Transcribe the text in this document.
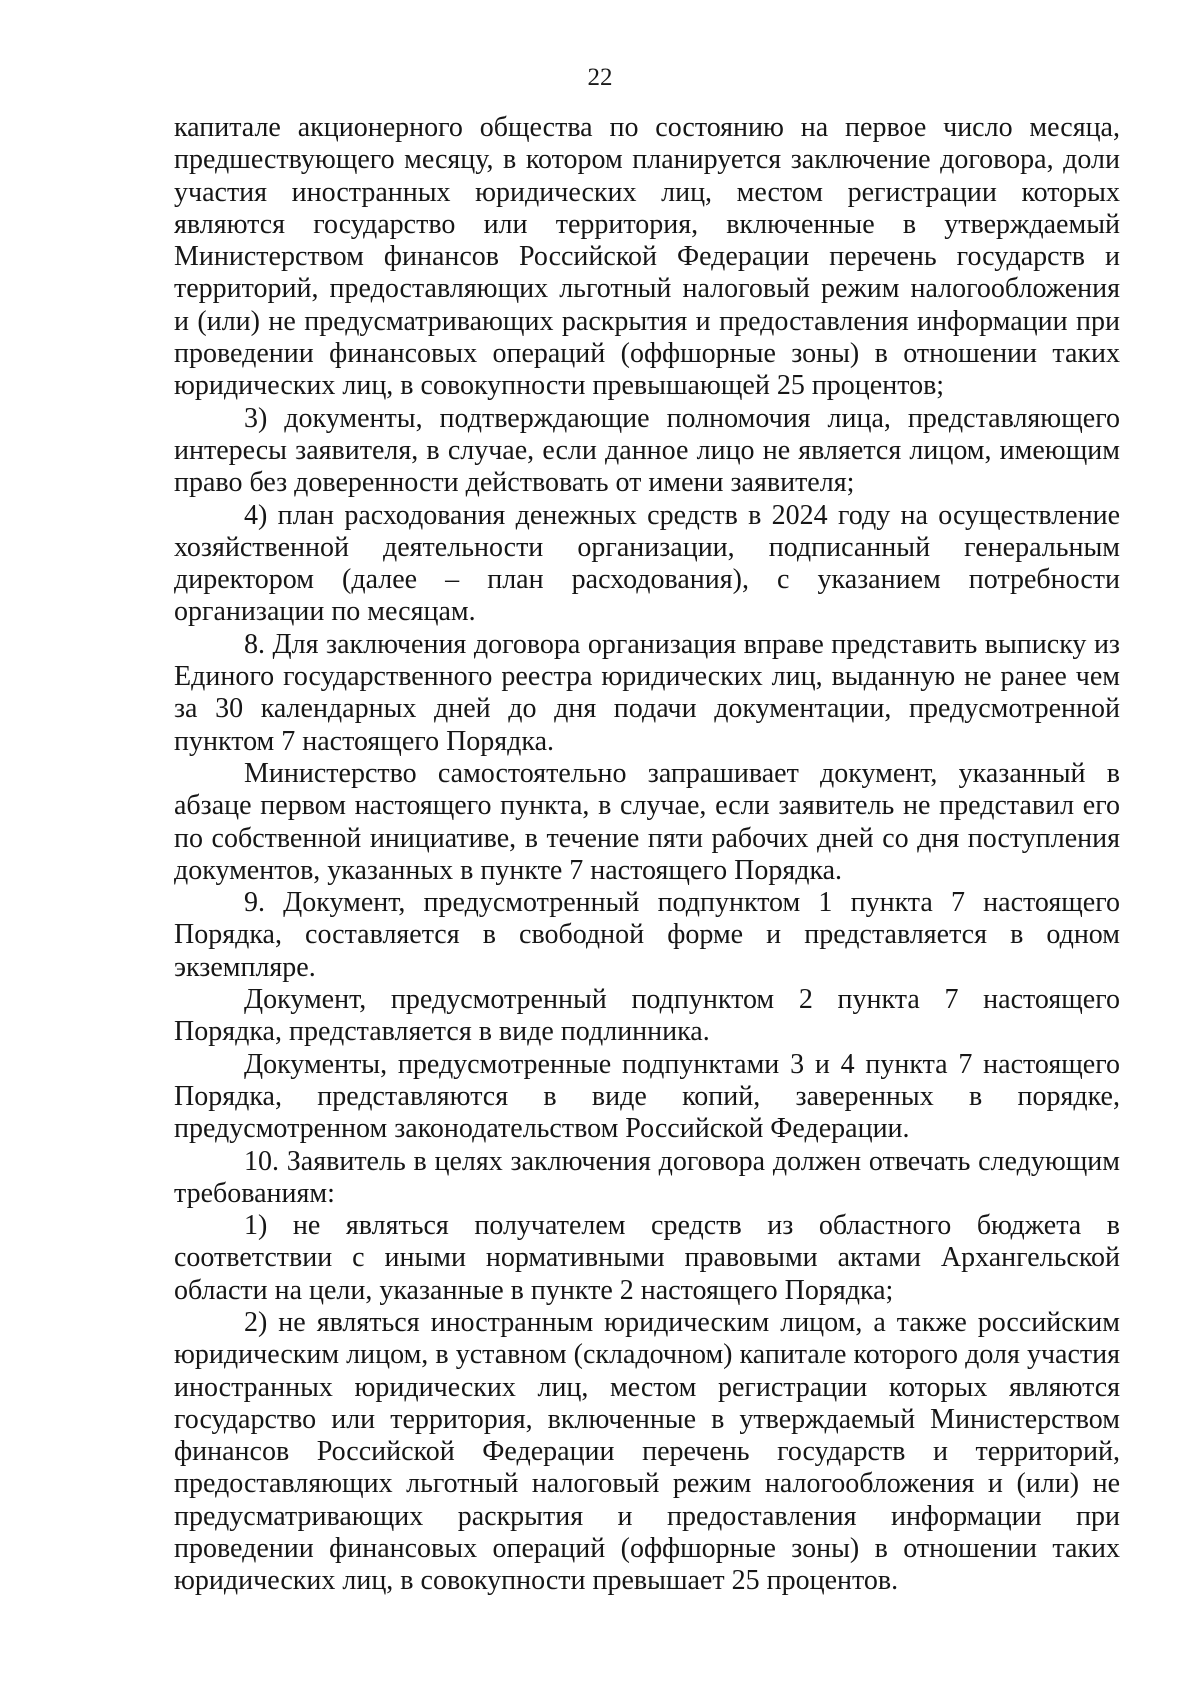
22

капитале акционерного общества по состоянию на первое число месяца, предшествующего месяцу, в котором планируется заключение договора, доли участия иностранных юридических лиц, местом регистрации которых являются государство или территория, включенные в утверждаемый Министерством финансов Российской Федерации перечень государств и территорий, предоставляющих льготный налоговый режим налогообложения и (или) не предусматривающих раскрытия и предоставления информации при проведении финансовых операций (оффшорные зоны) в отношении таких юридических лиц, в совокупности превышающей 25 процентов;

3) документы, подтверждающие полномочия лица, представляющего интересы заявителя, в случае, если данное лицо не является лицом, имеющим право без доверенности действовать от имени заявителя;

4) план расходования денежных средств в 2024 году на осуществление хозяйственной деятельности организации, подписанный генеральным директором (далее – план расходования), с указанием потребности организации по месяцам.

8. Для заключения договора организация вправе представить выписку из Единого государственного реестра юридических лиц, выданную не ранее чем за 30 календарных дней до дня подачи документации, предусмотренной пунктом 7 настоящего Порядка.

Министерство самостоятельно запрашивает документ, указанный в абзаце первом настоящего пункта, в случае, если заявитель не представил его по собственной инициативе, в течение пяти рабочих дней со дня поступления документов, указанных в пункте 7 настоящего Порядка.

9. Документ, предусмотренный подпунктом 1 пункта 7 настоящего Порядка, составляется в свободной форме и представляется в одном экземпляре.

Документ, предусмотренный подпунктом 2 пункта 7 настоящего Порядка, представляется в виде подлинника.

Документы, предусмотренные подпунктами 3 и 4 пункта 7 настоящего Порядка, представляются в виде копий, заверенных в порядке, предусмотренном законодательством Российской Федерации.

10. Заявитель в целях заключения договора должен отвечать следующим требованиям:

1) не являться получателем средств из областного бюджета в соответствии с иными нормативными правовыми актами Архангельской области на цели, указанные в пункте 2 настоящего Порядка;

2) не являться иностранным юридическим лицом, а также российским юридическим лицом, в уставном (складочном) капитале которого доля участия иностранных юридических лиц, местом регистрации которых являются государство или территория, включенные в утверждаемый Министерством финансов Российской Федерации перечень государств и территорий, предоставляющих льготный налоговый режим налогообложения и (или) не предусматривающих раскрытия и предоставления информации при проведении финансовых операций (оффшорные зоны) в отношении таких юридических лиц, в совокупности превышает 25 процентов.
